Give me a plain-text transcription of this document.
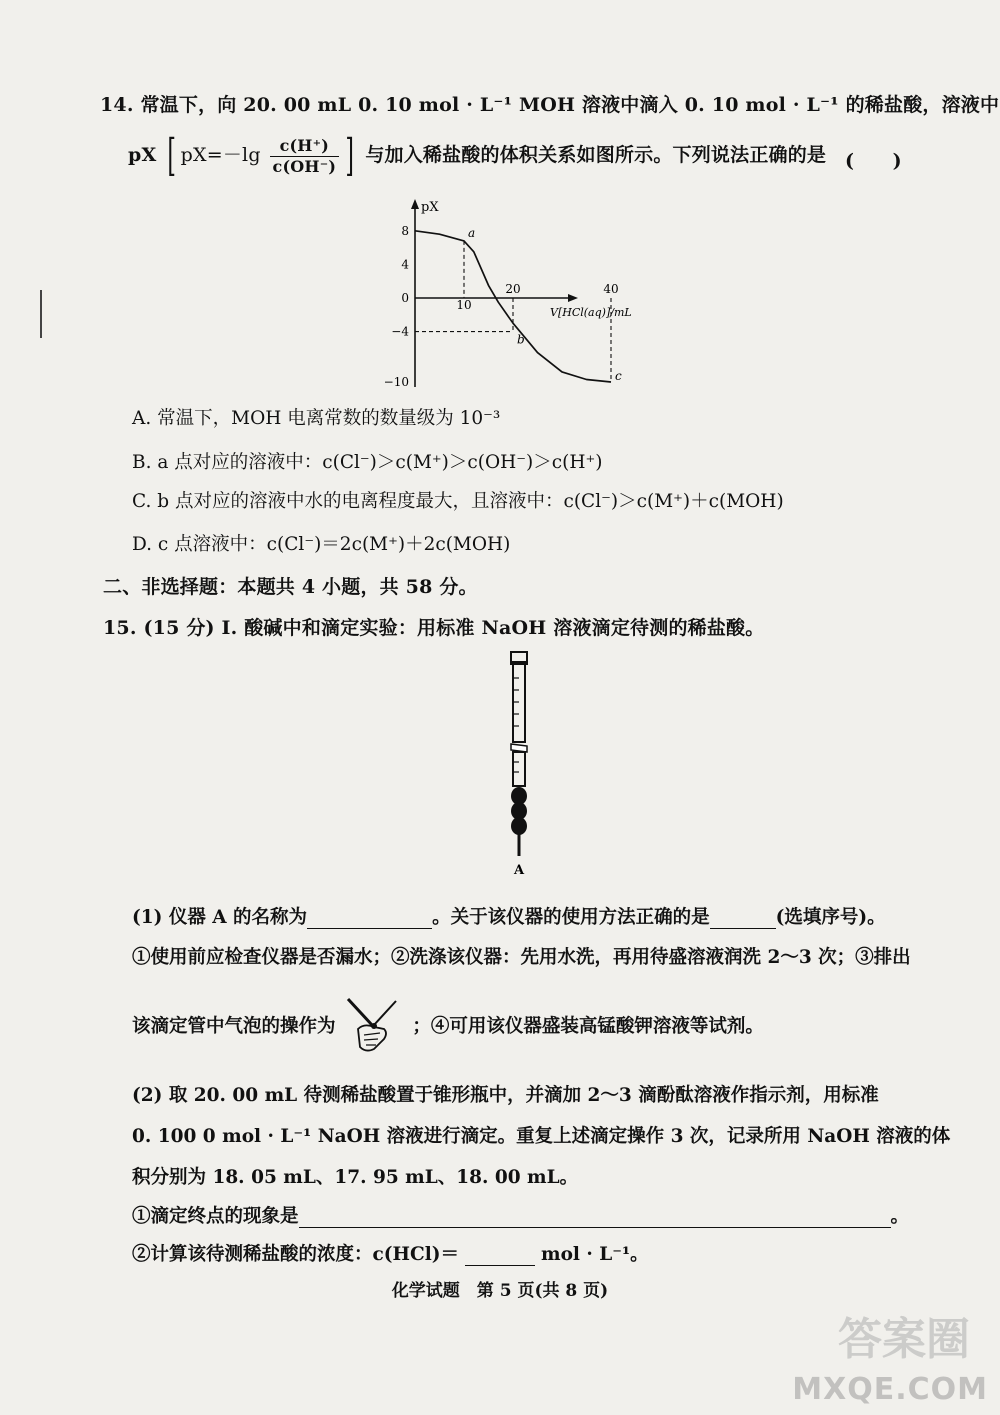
14. 常温下，向 20. 00 mL 0. 10 mol · L⁻¹ MOH 溶液中滴入 0. 10 mol · L⁻¹ 的稀盐酸，溶液中
pX [ $pX=-\lg \frac{c(H^+)}{c(OH^-)}$ ] 与加入稀盐酸的体积关系如图所示。下列说法正确的是 (　　)
pX
V[HCl(aq)]/mL
8
4
0
−4
−10
10
20	40
a
b
c
A. 常温下，MOH 电离常数的数量级为 10⁻³
B. a 点对应的溶液中：c(Cl⁻)＞c(M⁺)＞c(OH⁻)＞c(H⁺)
C. b 点对应的溶液中水的电离程度最大，且溶液中：c(Cl⁻)＞c(M⁺)＋c(MOH)
D. c 点溶液中：c(Cl⁻)＝2c(M⁺)＋2c(MOH)
二、非选择题：本题共 4 小题，共 58 分。
15. (15 分) Ⅰ. 酸碱中和滴定实验：用标准 NaOH 溶液滴定待测的稀盐酸。
A
(1) 仪器 A 的名称为	。关于该仪器的使用方法正确的是	(选填序号)。
①使用前应检查仪器是否漏水；②洗涤该仪器：先用水洗，再用待盛溶液润洗 2～3 次；③排出
该滴定管中气泡的操作为	；④可用该仪器盛装高锰酸钾溶液等试剂。
(2) 取 20. 00 mL 待测稀盐酸置于锥形瓶中，并滴加 2～3 滴酚酞溶液作指示剂，用标准
0. 100 0 mol · L⁻¹ NaOH 溶液进行滴定。重复上述滴定操作 3 次，记录所用 NaOH 溶液的体
积分别为 18. 05 mL、17. 95 mL、18. 00 mL。
①滴定终点的现象是	。
②计算该待测稀盐酸的浓度：c(HCl)＝	mol · L⁻¹。
化学试题　第 5 页(共 8 页)
答案圈
MXQE.COM
